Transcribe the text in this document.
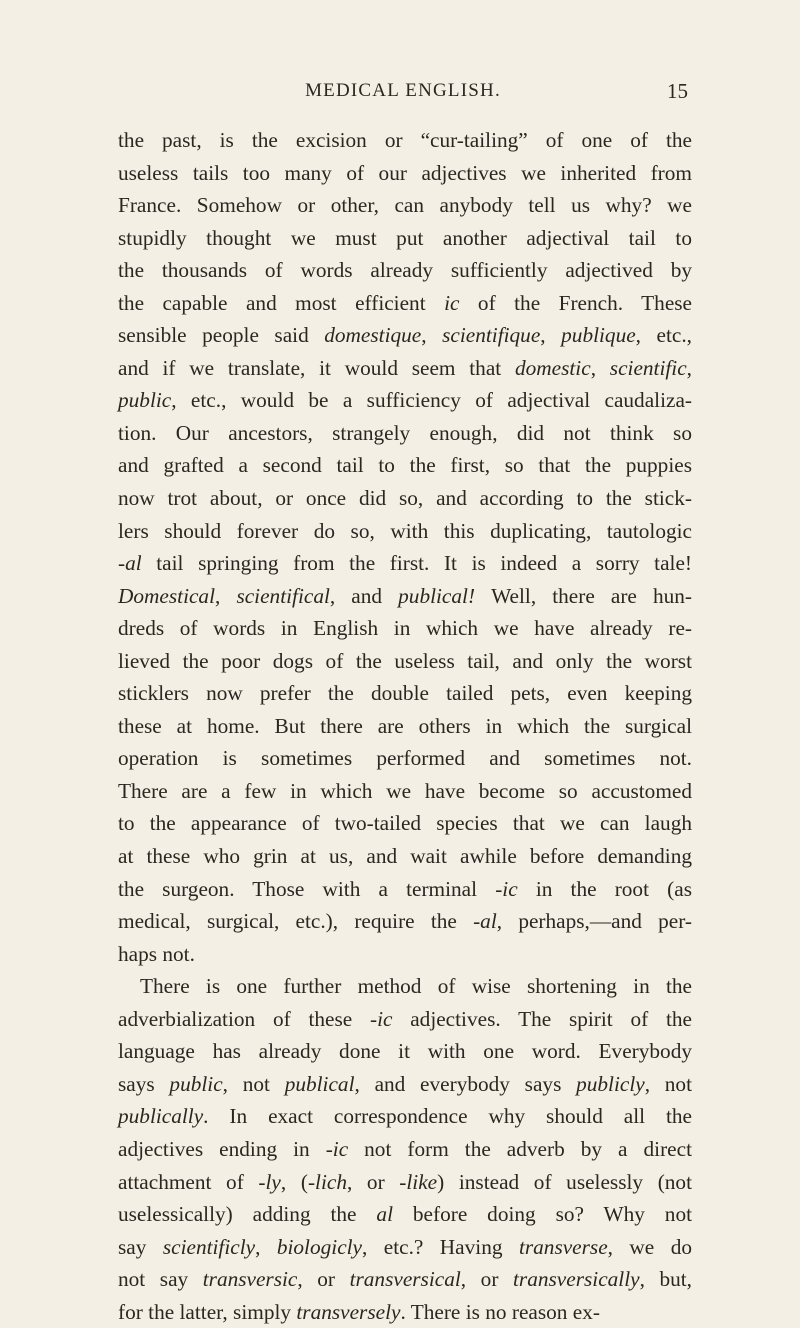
MEDICAL ENGLISH.	15
the past, is the excision or “cur-tailing” of one of the
useless tails too many of our adjectives we inherited from
France. Somehow or other, can anybody tell us why? we
stupidly thought we must put another adjectival tail to
the thousands of words already sufficiently adjectived by
the capable and most efficient ic of the French. These
sensible people said domestique, scientifique, publique, etc.,
and if we translate, it would seem that domestic, scientific,
public, etc., would be a sufficiency of adjectival caudaliza-
tion. Our ancestors, strangely enough, did not think so
and grafted a second tail to the first, so that the puppies
now trot about, or once did so, and according to the stick-
lers should forever do so, with this duplicating, tautologic
-al tail springing from the first. It is indeed a sorry tale!
Domestical, scientifical, and publical! Well, there are hun-
dreds of words in English in which we have already re-
lieved the poor dogs of the useless tail, and only the worst
sticklers now prefer the double tailed pets, even keeping
these at home. But there are others in which the surgical
operation is sometimes performed and sometimes not.
There are a few in which we have become so accustomed
to the appearance of two-tailed species that we can laugh
at these who grin at us, and wait awhile before demanding
the surgeon. Those with a terminal -ic in the root (as
medical, surgical, etc.), require the -al, perhaps,—and per-
haps not.
There is one further method of wise shortening in the
adverbialization of these -ic adjectives. The spirit of the
language has already done it with one word. Everybody
says public, not publical, and everybody says publicly, not
publically. In exact correspondence why should all the
adjectives ending in -ic not form the adverb by a direct
attachment of -ly, (-lich, or -like) instead of uselessly (not
uselessically) adding the al before doing so? Why not
say scientificly, biologicly, etc.? Having transverse, we do
not say transversic, or transversical, or transversically, but,
for the latter, simply transversely. There is no reason ex-
